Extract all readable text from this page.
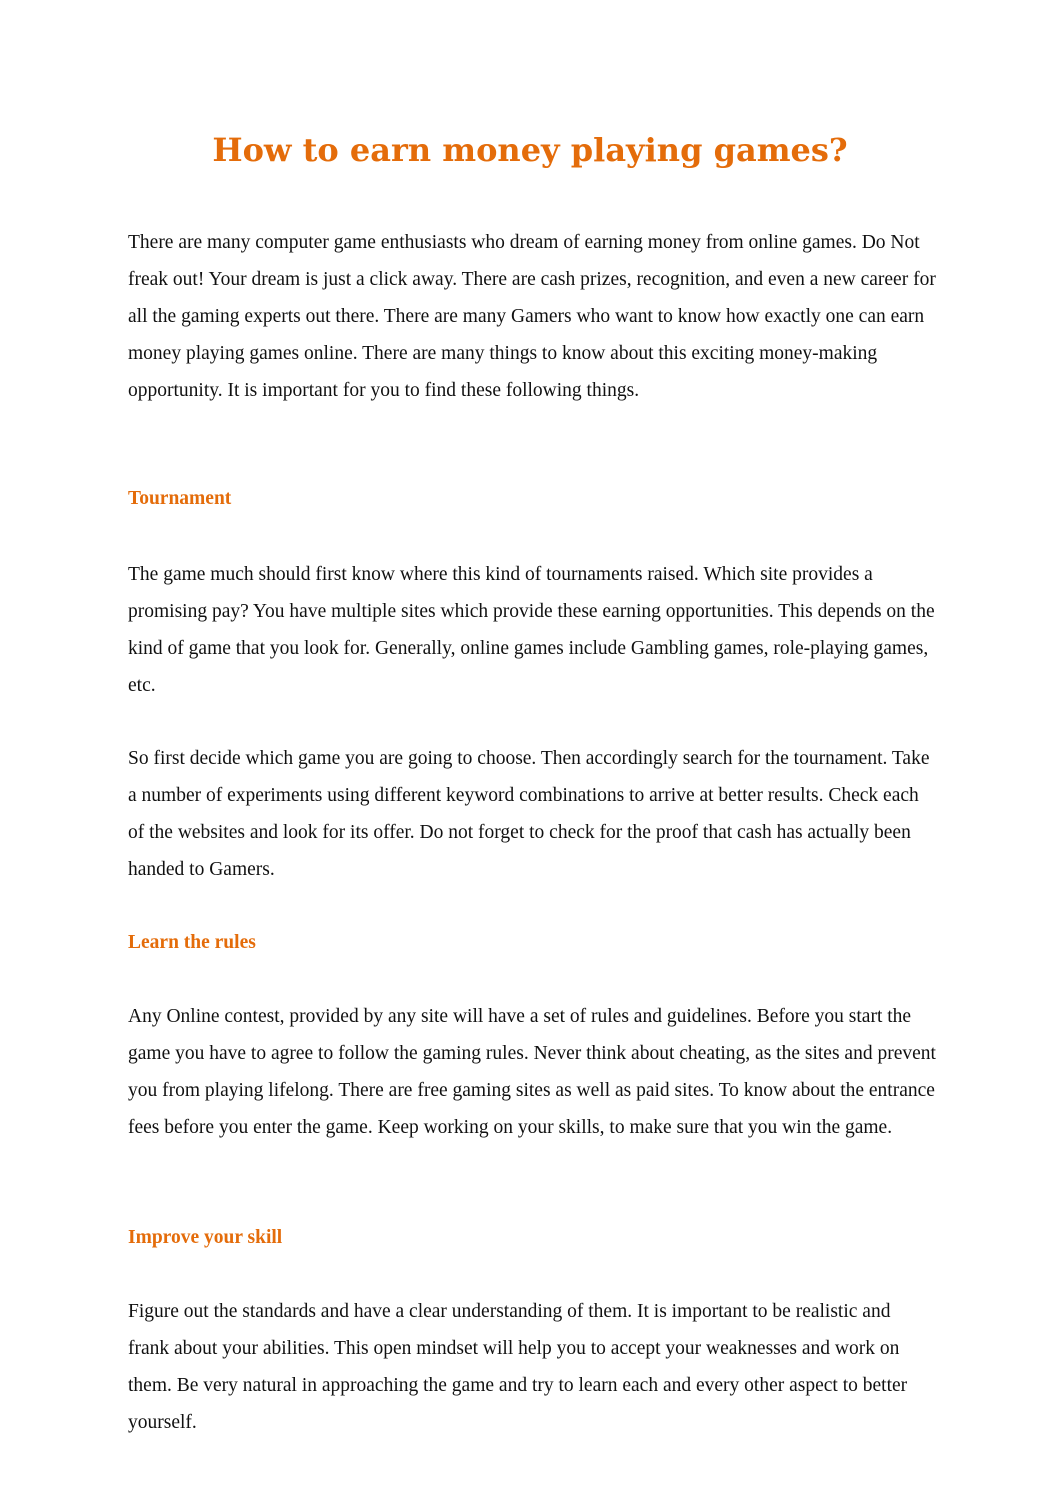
How to earn money playing games?

There are many computer game enthusiasts who dream of earning money from online games. Do Not freak out! Your dream is just a click away. There are cash prizes, recognition, and even a new career for all the gaming experts out there. There are many Gamers who want to know how exactly one can earn money playing games online. There are many things to know about this exciting money-making opportunity. It is important for you to find these following things.

Tournament

The game much should first know where this kind of tournaments raised. Which site provides a promising pay? You have multiple sites which provide these earning opportunities. This depends on the kind of game that you look for. Generally, online games include Gambling games, role-playing games, etc.

So first decide which game you are going to choose. Then accordingly search for the tournament. Take a number of experiments using different keyword combinations to arrive at better results. Check each of the websites and look for its offer. Do not forget to check for the proof that cash has actually been handed to Gamers.

Learn the rules

Any Online contest, provided by any site will have a set of rules and guidelines. Before you start the game you have to agree to follow the gaming rules. Never think about cheating, as the sites and prevent you from playing lifelong. There are free gaming sites as well as paid sites. To know about the entrance fees before you enter the game. Keep working on your skills, to make sure that you win the game.

Improve your skill

Figure out the standards and have a clear understanding of them. It is important to be realistic and frank about your abilities. This open mindset will help you to accept your weaknesses and work on them. Be very natural in approaching the game and try to learn each and every other aspect to better yourself.
